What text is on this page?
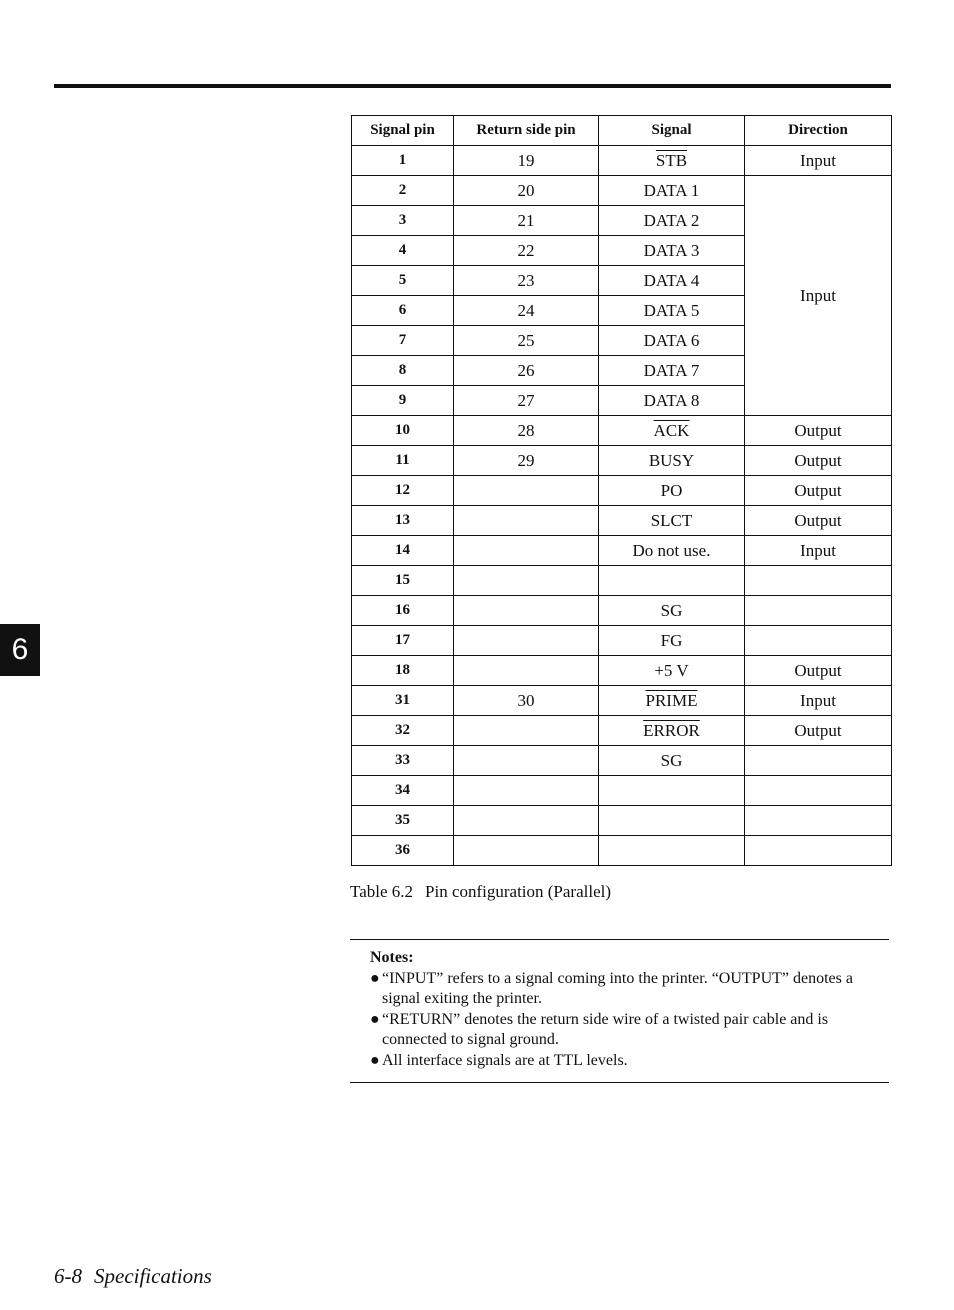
6
Signal pin	Return side pin	Signal	Direction
1	19	$\overline{STB}$	Input
2	20	DATA 1	Input
3	21	DATA 2	
4	22	DATA 3	
5	23	DATA 4	
6	24	DATA 5	
7	25	DATA 6	
8	26	DATA 7	
9	27	DATA 8	
10	28	$\overline{ACK}$	Output
11	29	BUSY	Output
12		PO	Output
13		SLCT	Output
14		Do not use.	Input
15			
16		SG	
17		FG	
18		+5 V	Output
31	30	PRIME	Input
32		ERROR	Output
33		SG	
34			
35			
36			
Table 6.2 Pin configuration (Parallel)
Notes:
● “INPUT” refers to a signal coming into the printer. “OUTPUT” denotes a signal exiting the printer.
● “RETURN” denotes the return side wire of a twisted pair cable and is connected to signal ground.
● All interface signals are at TTL levels.
6-8 Specifications
